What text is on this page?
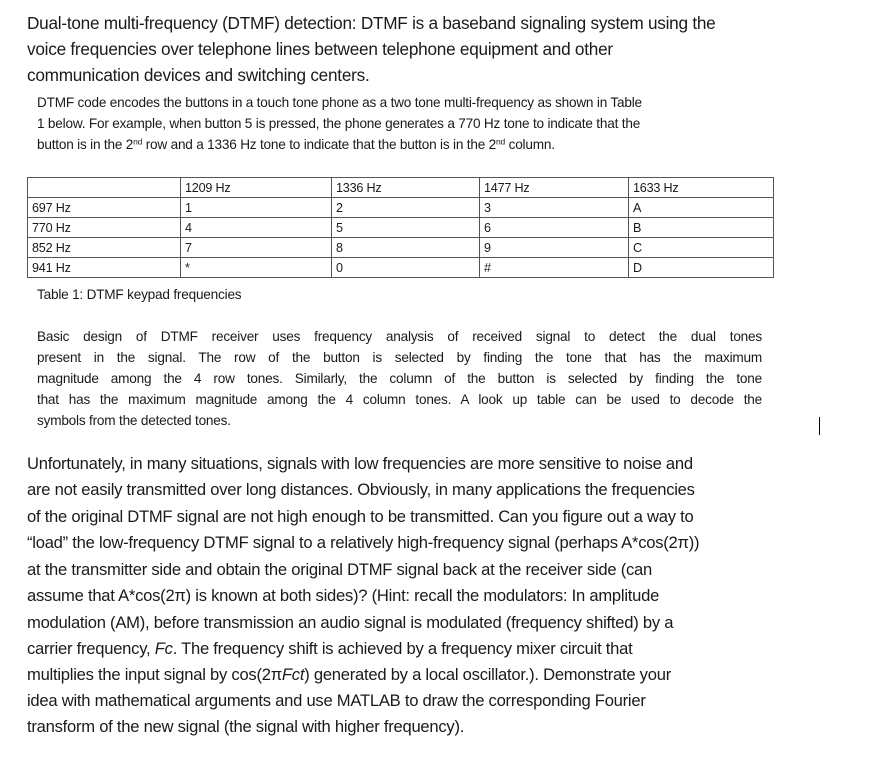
Dual-tone multi-frequency (DTMF) detection: DTMF is a baseband signaling system using the
voice frequencies over telephone lines between telephone equipment and other
communication devices and switching centers.
DTMF code encodes the buttons in a touch tone phone as a two tone multi-frequency as shown in Table
1 below. For example, when button 5 is pressed, the phone generates a 770 Hz tone to indicate that the
button is in the 2nd row and a 1336 Hz tone to indicate that the button is in the 2nd column.
	1209 Hz	1336 Hz	1477 Hz	1633 Hz
697 Hz	1	2	3	A
770 Hz	4	5	6	B
852 Hz	7	8	9	C
941 Hz	*	0	#	D
Table 1: DTMF keypad frequencies
Basic design of DTMF receiver uses frequency analysis of received signal to detect the dual tones
present in the signal. The row of the button is selected by finding the tone that has the maximum
magnitude among the 4 row tones. Similarly, the column of the button is selected by finding the tone
that has the maximum magnitude among the 4 column tones. A look up table can be used to decode the
symbols from the detected tones.
Unfortunately, in many situations, signals with low frequencies are more sensitive to noise and
are not easily transmitted over long distances. Obviously, in many applications the frequencies
of the original DTMF signal are not high enough to be transmitted. Can you figure out a way to
“load” the low-frequency DTMF signal to a relatively high-frequency signal (perhaps A*cos(2π))
at the transmitter side and obtain the original DTMF signal back at the receiver side (can
assume that A*cos(2π) is known at both sides)? (Hint: recall the modulators: In amplitude
modulation (AM), before transmission an audio signal is modulated (frequency shifted) by a
carrier frequency, Fc. The frequency shift is achieved by a frequency mixer circuit that
multiplies the input signal by cos(2πFct) generated by a local oscillator.). Demonstrate your
idea with mathematical arguments and use MATLAB to draw the corresponding Fourier
transform of the new signal (the signal with higher frequency).
